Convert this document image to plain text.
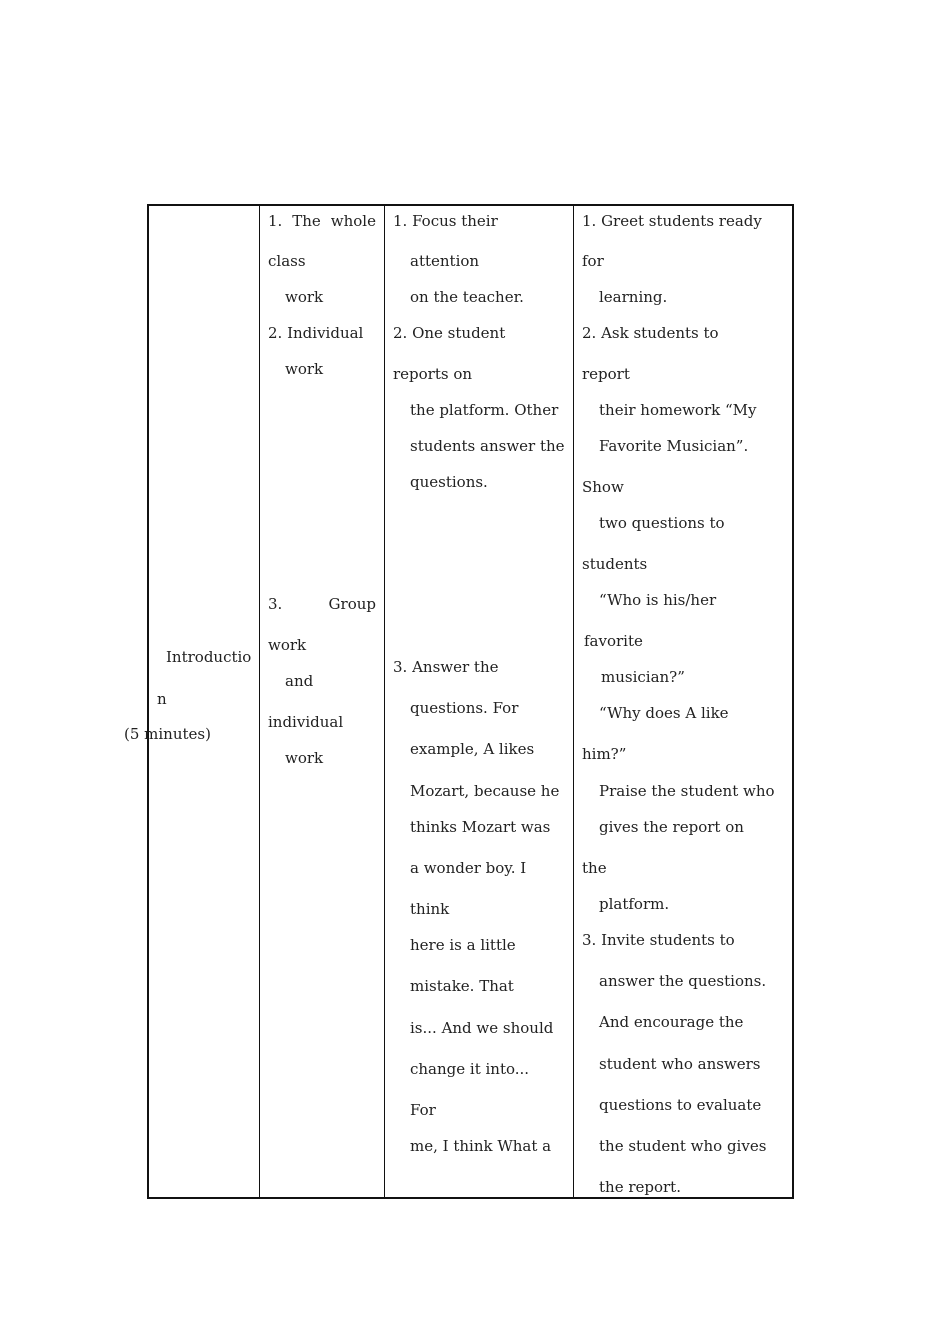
1. The whole
class
work
2. Individual
work
3.	Group
work
and
individual
work
1. Focus their
attention
on the teacher.
2. One student
reports on
the platform. Other
students answer the
questions.
3. Answer the
questions. For
example, A likes
Mozart, because he
thinks Mozart was
a wonder boy. I
think
here is a little
mistake. That
is... And we should
change it into...
For
me, I think What a
1. Greet students ready
for
learning.
2. Ask students to
report
their homework “My
Favorite Musician”.
Show
two questions to
students
“Who is his/her
favorite
musician?”
“Why does A like
him?”
Praise the student who
gives the report on
the
platform.
3. Invite students to
answer the questions.
And encourage the
student who answers
questions to evaluate
the student who gives
the report.
Introductio
n
(5 minutes)
